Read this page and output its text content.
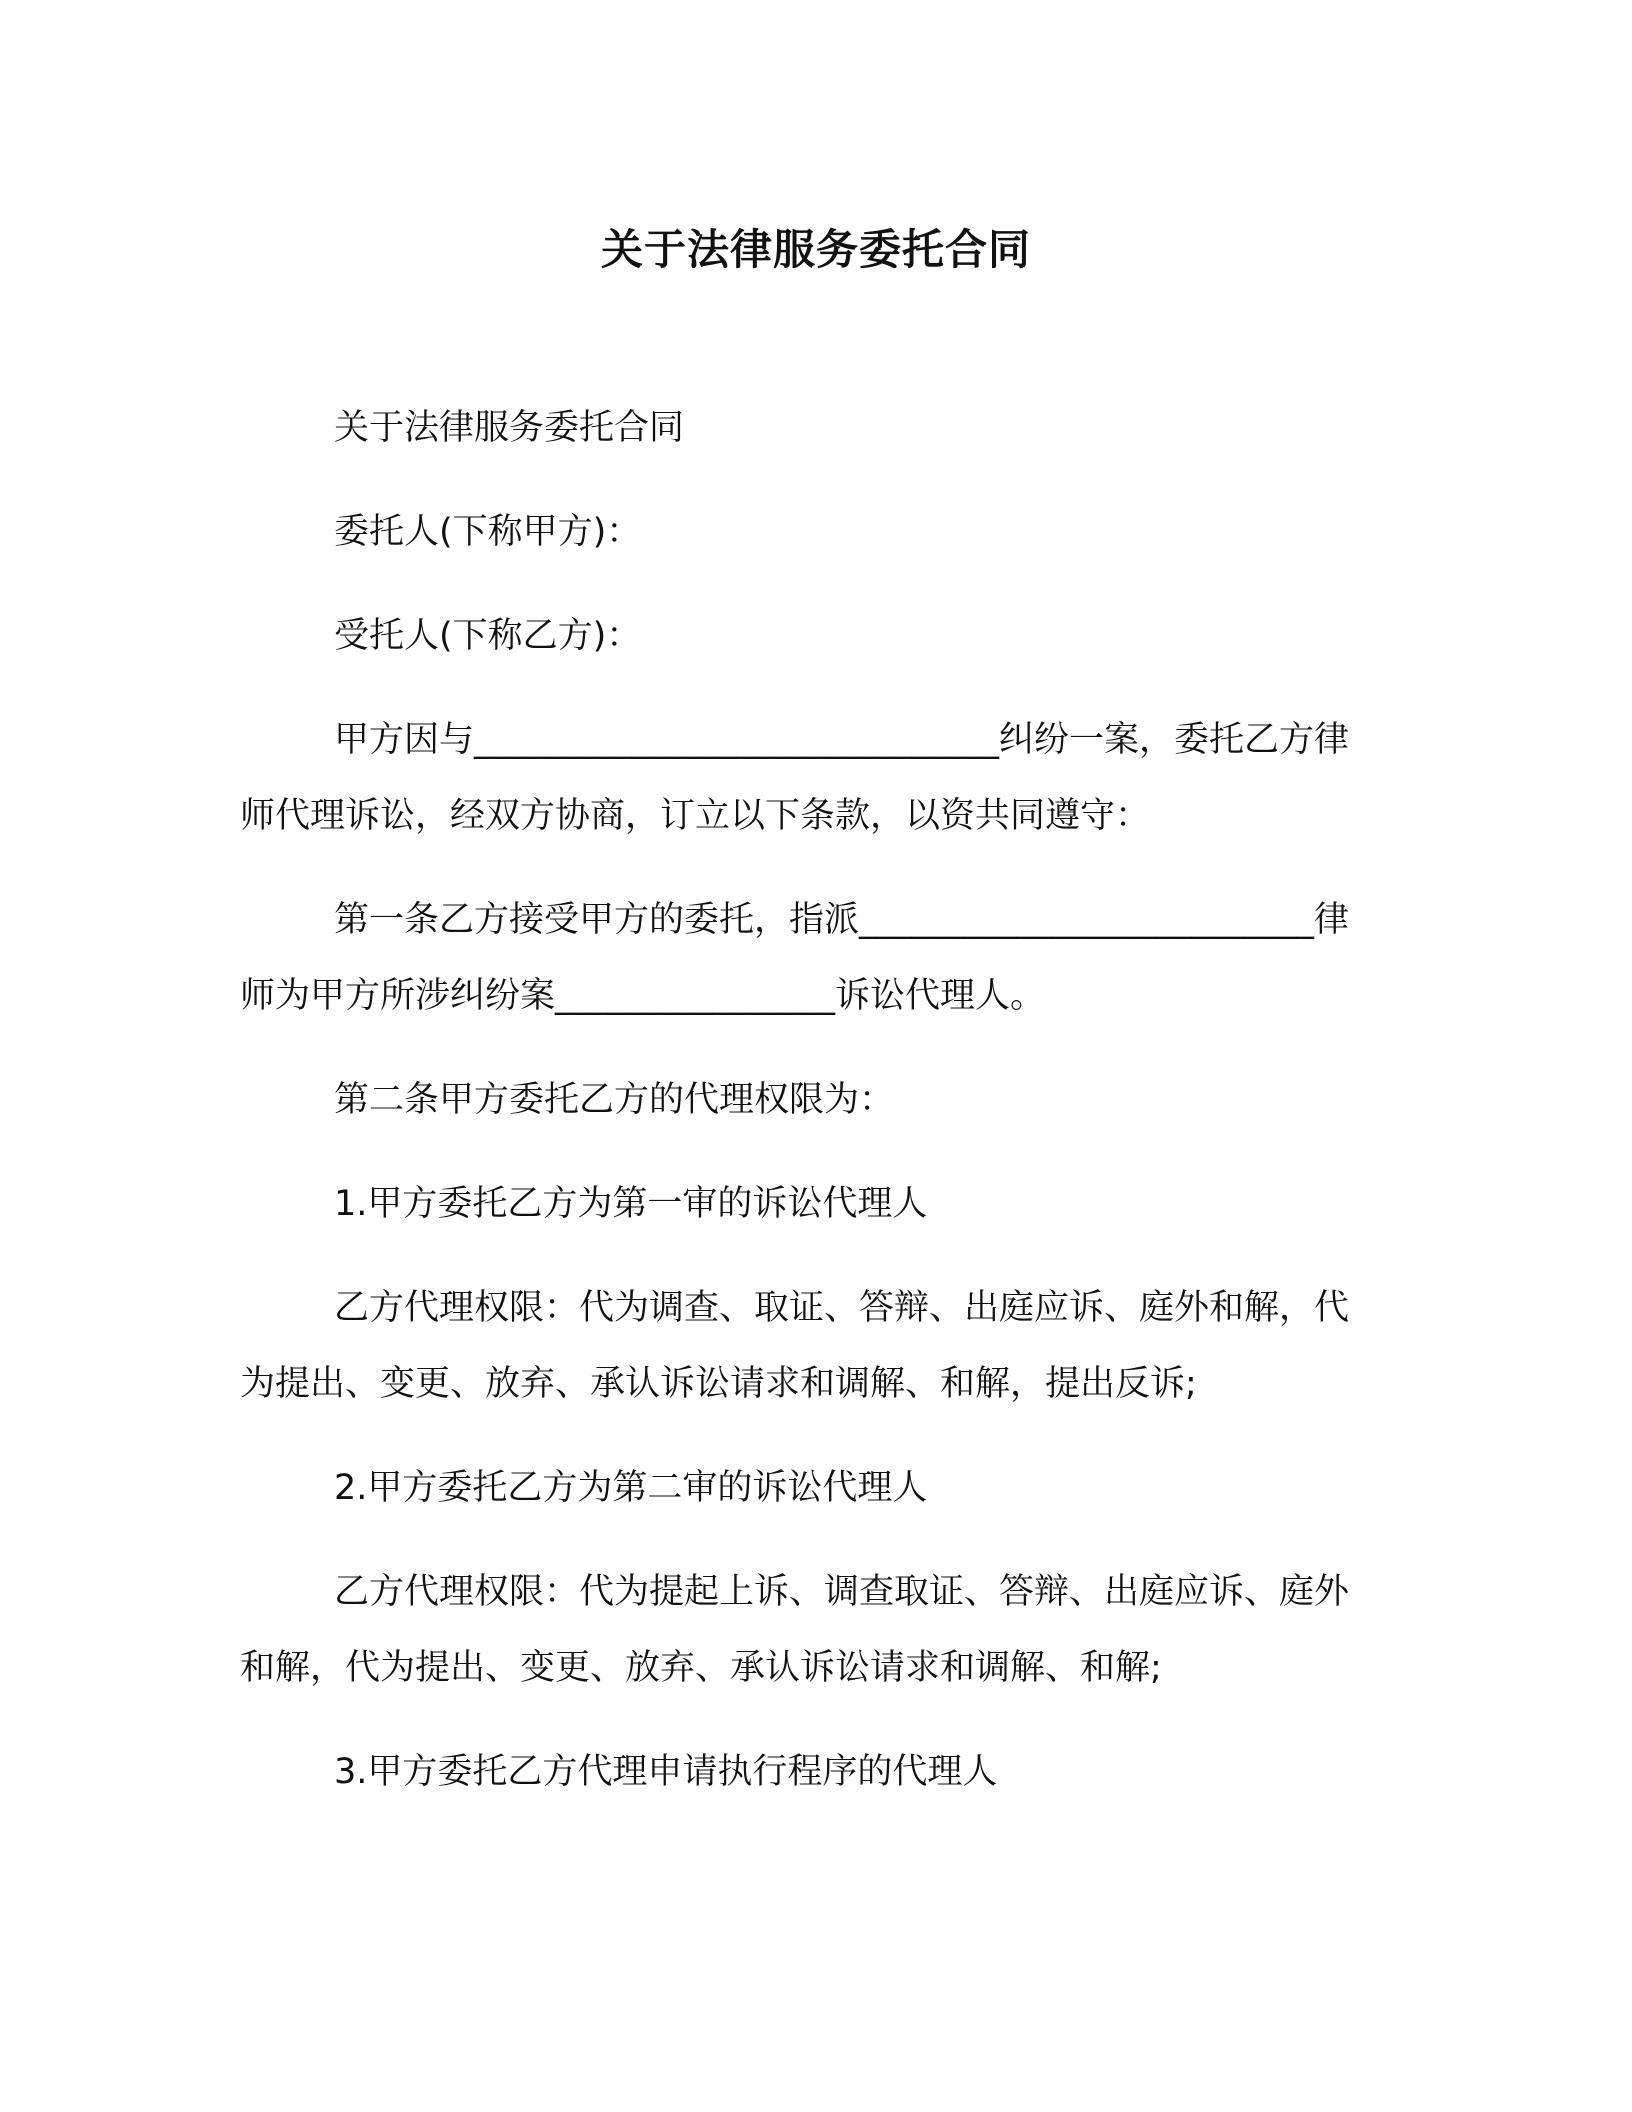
关于法律服务委托合同

关于法律服务委托合同

委托人(下称甲方)：

受托人(下称乙方)：

甲方因与______________________________纠纷一案，委托乙方律师代理诉讼，经双方协商，订立以下条款，以资共同遵守：

第一条乙方接受甲方的委托，指派__________________________律师为甲方所涉纠纷案________________诉讼代理人。

第二条甲方委托乙方的代理权限为：

1.甲方委托乙方为第一审的诉讼代理人

乙方代理权限：代为调查、取证、答辩、出庭应诉、庭外和解，代为提出、变更、放弃、承认诉讼请求和调解、和解，提出反诉;

2.甲方委托乙方为第二审的诉讼代理人

乙方代理权限：代为提起上诉、调查取证、答辩、出庭应诉、庭外和解，代为提出、变更、放弃、承认诉讼请求和调解、和解;

3.甲方委托乙方代理申请执行程序的代理人
